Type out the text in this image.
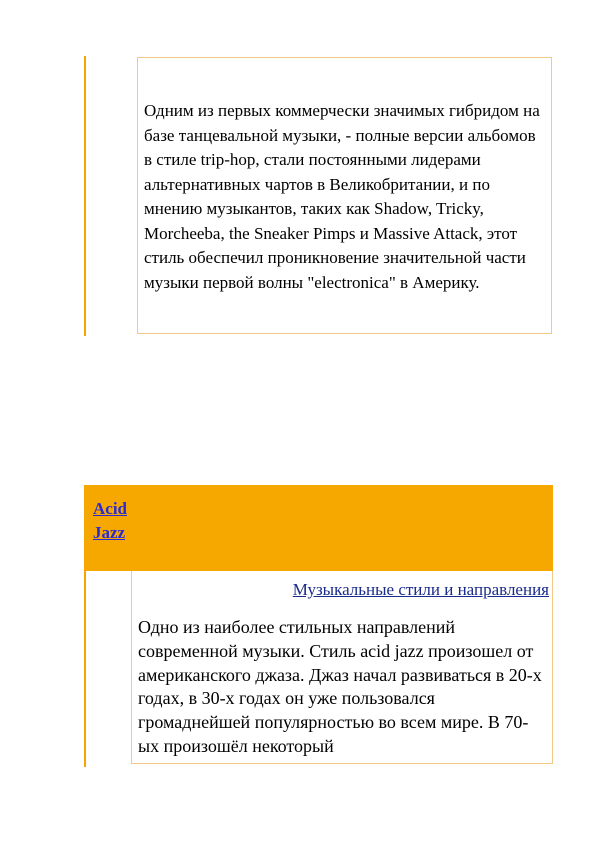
Одним из первых коммерчески значимых гибридом на базе танцевальной музыки, - полные версии альбомов в стиле trip-hop, стали постоянными лидерами альтернативных чартов в Великобритании, и по мнению музыкантов, таких как Shadow, Tricky, Morcheeba, the Sneaker Pimps и Massive Attack, этот стиль обеспечил проникновение значительной части музыки первой волны "electronica" в Америку.

Acid Jazz
Музыкальные стили и направления

Одно из наиболее стильных направлений современной музыки. Стиль acid jazz произошел от американского джаза. Джаз начал развиваться в 20-х годах, в 30-х годах он уже пользовался громаднейшей популярностью во всем мире. В 70-ых произошёл некоторый
